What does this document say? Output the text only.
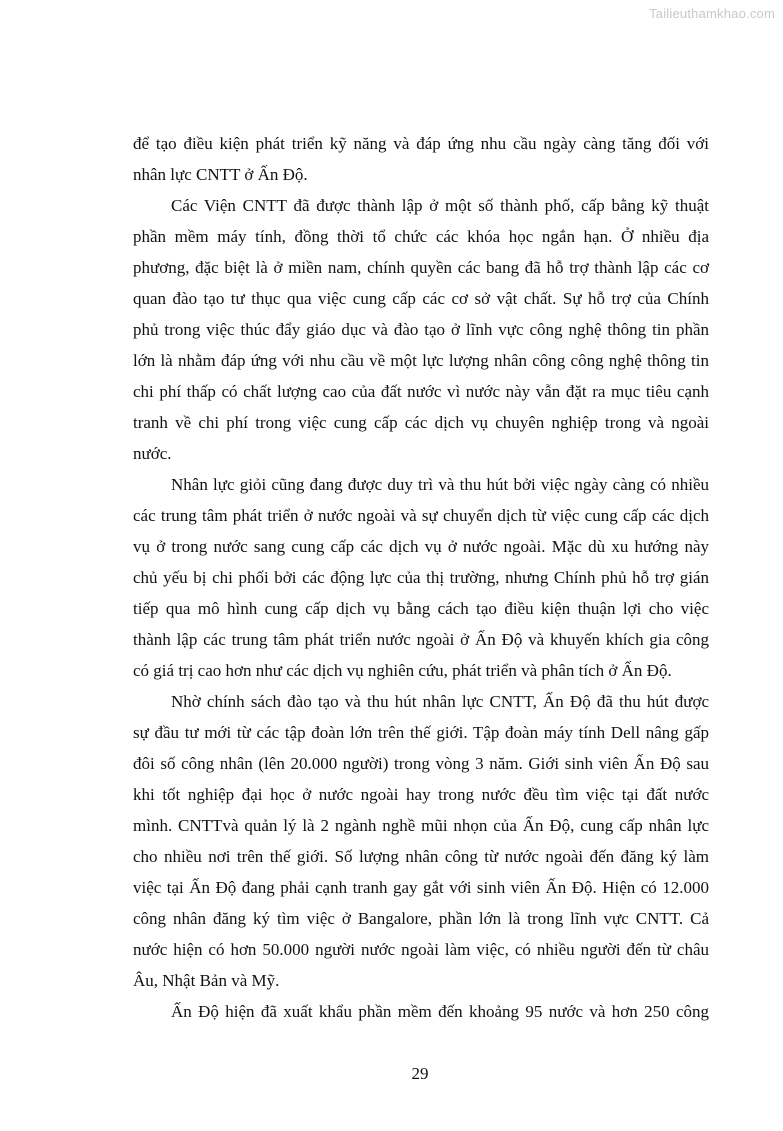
Tailieuthamkhao.com
để tạo điều kiện phát triển kỹ năng và đáp ứng nhu cầu ngày càng tăng đối với
nhân lực CNTT ở Ấn Độ.
Các Viện CNTT đã được thành lập ở một số thành phố, cấp bằng kỹ thuật
phần mềm máy tính, đồng thời tổ chức các khóa học ngắn hạn. Ở nhiều địa
phương, đặc biệt là ở miền nam, chính quyền các bang đã hỗ trợ thành lập các cơ
quan đào tạo tư thục qua việc cung cấp các cơ sở vật chất. Sự hỗ trợ của Chính
phủ trong việc thúc đẩy giáo dục và đào tạo ở lĩnh vực công nghệ thông tin phần
lớn là nhằm đáp ứng với nhu cầu về một lực lượng nhân công công nghệ thông tin
chi phí thấp có chất lượng cao của đất nước vì nước này vẫn đặt ra mục tiêu cạnh
tranh về chi phí trong việc cung cấp các dịch vụ chuyên nghiệp trong và ngoài
nước.
Nhân lực giỏi cũng đang được duy trì và thu hút bởi việc ngày càng có nhiều
các trung tâm phát triển ở nước ngoài và sự chuyển dịch từ việc cung cấp các dịch
vụ ở trong nước sang cung cấp các dịch vụ ở nước ngoài. Mặc dù xu hướng này
chủ yếu bị chi phối bởi các động lực của thị trường, nhưng Chính phủ hỗ trợ gián
tiếp qua mô hình cung cấp dịch vụ bằng cách tạo điều kiện thuận lợi cho việc
thành lập các trung tâm phát triển nước ngoài ở Ấn Độ và khuyến khích gia công
có giá trị cao hơn như các dịch vụ nghiên cứu, phát triển và phân tích ở Ấn Độ.
Nhờ chính sách đào tạo và thu hút nhân lực CNTT, Ấn Độ đã thu hút được
sự đầu tư mới từ các tập đoàn lớn trên thế giới. Tập đoàn máy tính Dell nâng gấp
đôi số công nhân (lên 20.000 người) trong vòng 3 năm. Giới sinh viên Ấn Độ sau
khi tốt nghiệp đại học ở nước ngoài hay trong nước đều tìm việc tại đất nước
mình. CNTTvà quản lý là 2 ngành nghề mũi nhọn của Ấn Độ, cung cấp nhân lực
cho nhiều nơi trên thế giới. Số lượng nhân công từ nước ngoài đến đăng ký làm
việc tại Ấn Độ đang phải cạnh tranh gay gắt với sinh viên Ấn Độ. Hiện có 12.000
công nhân đăng ký tìm việc ở Bangalore, phần lớn là trong lĩnh vực CNTT. Cả
nước hiện có hơn 50.000 người nước ngoài làm việc, có nhiều người đến từ châu
Âu, Nhật Bản và Mỹ.
Ấn Độ hiện đã xuất khẩu phần mềm đến khoảng 95 nước và hơn 250 công
29
